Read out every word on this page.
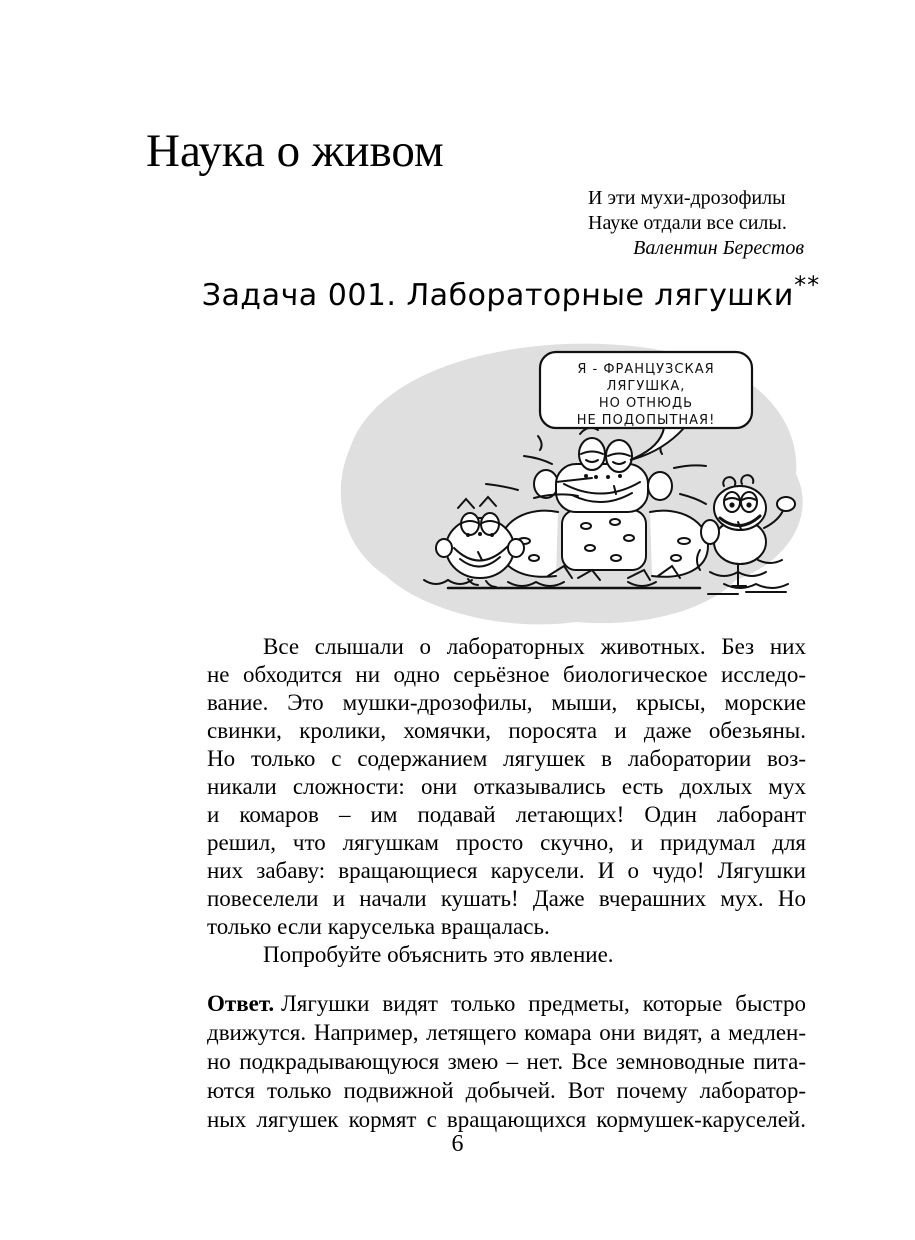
Наука о живом
И эти мухи-дрозофилы
Науке отдали все силы.
Валентин Берестов
Задача 001. Лабораторные лягушки**
Я - ФРАНЦУЗСКАЯ
ЛЯГУШКА,
НО ОТНЮДЬ
НЕ ПОДОПЫТНАЯ!
Все слышали о лабораторных животных. Без них
не обходится ни одно серьёзное биологическое исследо-
вание. Это мушки-дрозофилы, мыши, крысы, морские
свинки, кролики, хомячки, поросята и даже обезьяны.
Но только с содержанием лягушек в лаборатории воз-
никали сложности: они отказывались есть дохлых мух
и комаров – им подавай летающих! Один лаборант
решил, что лягушкам просто скучно, и придумал для
них забаву: вращающиеся карусели. И о чудо! Лягушки
повеселели и начали кушать! Даже вчерашних мух. Но
только если каруселька вращалась.
Попробуйте объяснить это явление.
Ответ. Лягушки видят только предметы, которые быстро
движутся. Например, летящего комара они видят, а медлен-
но подкрадывающуюся змею – нет. Все земноводные пита-
ются только подвижной добычей. Вот почему лаборатор-
ных лягушек кормят с вращающихся кормушек-каруселей.
6
